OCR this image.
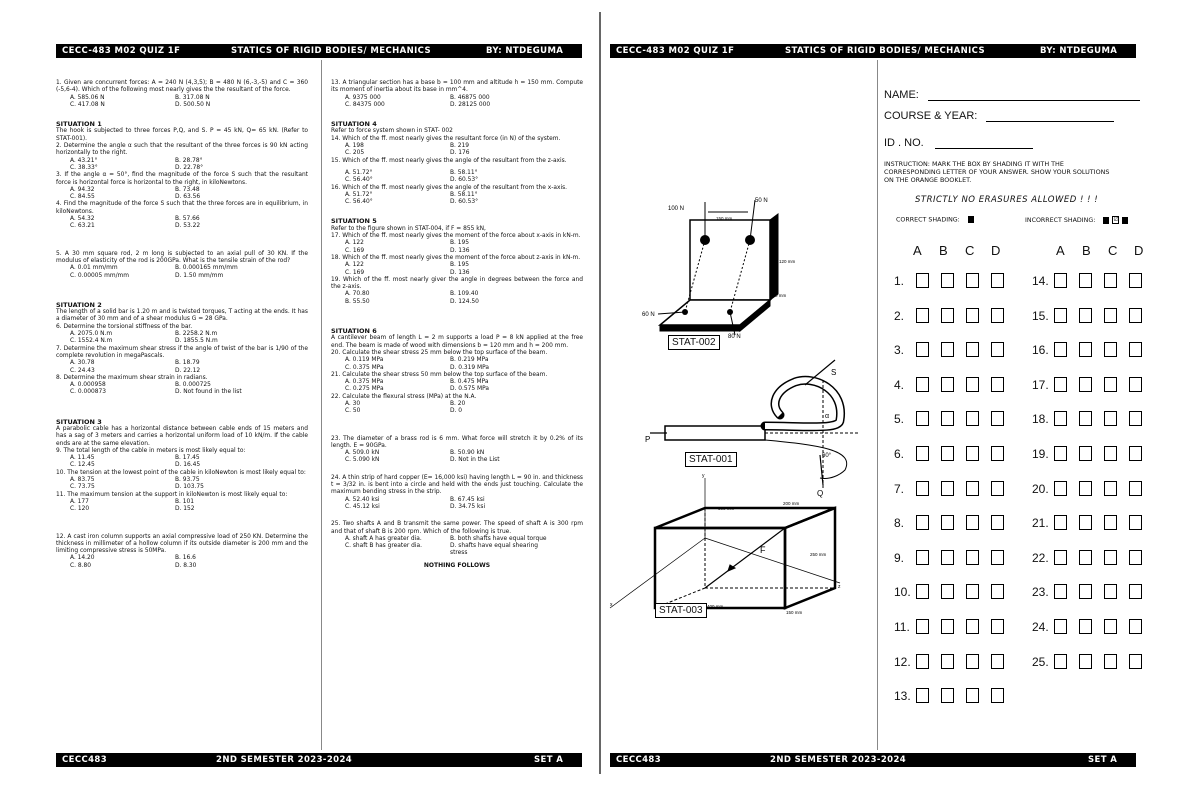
CECC-483 M02 QUIZ 1F	STATICS OF RIGID BODIES/ MECHANICS	BY: NTDEGUMA
CECC483	2ND SEMESTER 2023-2024	SET A
1. Given are concurrent forces: A = 240 N (4,3,5); B = 480 N (6,-3,-5) and C = 360 (-5,6-4). Which of the following most nearly gives the the resultant of the force.
A. 585.06 N	B. 317.08 N
C. 417.08 N	D. 500.50 N
SITUATION 1
The hook is subjected to three forces P,Q, and S. P = 45 kN, Q= 65 kN. (Refer to STAT-001).
2. Determine the angle α such that the resultant of the three forces is 90 kN acting horizontally to the right.
A. 43.21°	B. 28.78°
C. 38.33°	D. 22.78°
3. If the angle α = 50°, find the magnitude of the force S such that the resultant force is horizontal force is horizontal to the right, in kiloNewtons.
A. 94.32	B. 73.48
C. 84.55	D. 63.56
4. Find the magnitude of the force S such that the three forces are in equilibrium, in kiloNewtons.
A. 54.32	B. 57.66
C. 63.21	D. 53.22
5. A 30 mm square rod, 2 m long is subjected to an axial pull of 30 KN. If the modulus of elasticity of the rod is 200GPa. What is the tensile strain of the rod?
A. 0.01 mm/mm	B. 0.000165 mm/mm
C. 0.00005 mm/mm	D. 1.50 mm/mm
SITUATION 2
The length of a solid bar is 1.20 m and is twisted torques, T acting at the ends. It has a diameter of 30 mm and of a shear modulus G = 28 GPa.
6. Determine the torsional stiffness of the bar.
A. 2075.0 N.m	B. 2258.2 N.m
C. 1552.4 N.m	D. 1855.5 N.m
7. Determine the maximum shear stress if the angle of twist of the bar is 1/90 of the complete revolution in megaPascals.
A. 30.78	B. 18.79
C. 24.43	D. 22.12
8. Determine the maximum shear strain in radians.
A. 0.000958	B. 0.000725
C. 0.000873	D. Not found in the list
SITUATION 3
A parabolic cable has a horizontal distance between cable ends of 15 meters and has a sag of 3 meters and carries a horizontal uniform load of 10 kN/m. If the cable ends are at the same elevation.
9. The total length of the cable in meters is most likely equal to:
A. 11.45	B. 17.45
C. 12.45	D. 16.45
10. The tension at the lowest point of the cable in kiloNewton is most likely equal to:
A. 83.75	B. 93.75
C. 73.75	D. 103.75
11. The maximum tension at the support in kiloNewton is most likely equal to:
A. 177	B. 101
C. 120	D. 152
12. A cast iron column supports an axial compressive load of 250 KN. Determine the thickness in millimeter of a hollow column if its outside diameter is 200 mm and the limiting compressive stress is 50MPa.
A. 14.20	B. 16.6
C. 8.80	D. 8.30
13. A triangular section has a base b = 100 mm and altitude h = 150 mm. Compute its moment of inertia about its base in mm^4.
A. 9375 000	B. 46875 000
C. 84375 000	D. 28125 000
SITUATION 4
Refer to force system shown in STAT- 002
14. Which of the ff. most nearly gives the resultant force (in N) of the system.
A. 198	B. 219
C. 205	D. 176
15. Which of the ff. most nearly gives the angle of the resultant from the z-axis.
A. 51.72°	B. 58.11°
C. 56.40°	D. 60.53°
16. Which of the ff. most nearly gives the angle of the resultant from the x-axis.
A. 51.72°	B. 58.11°
C. 56.40°	D. 60.53°
SITUATION 5
Refer to the figure shown in STAT-004, if F = 855 kN,
17. Which of the ff. most nearly gives the moment of the force about x-axis in kN-m.
A. 122	B. 195
C. 169	D. 136
18. Which of the ff. most nearly gives the moment of the force about z-axis in kN-m.
A. 122	B. 195
C. 169	D. 136
19. Which of the ff. most nearly giver the angle in degrees between the force and the z-axis.
A. 70.80	B. 109.40
B. 55.50	D. 124.50
SITUATION 6
A cantilever beam of length L = 2 m supports a load P = 8 kN applied at the free end. The beam is made of wood with dimensions b = 120 mm and h = 200 mm.
20. Calculate the shear stress 25 mm below the top surface of the beam.
A. 0.119 MPa	B. 0.219 MPa
C. 0.375 MPa	D. 0.319 MPa
21. Calculate the shear stress 50 mm below the top surface of the beam.
A. 0.375 MPa	B. 0.475 MPa
C. 0.275 MPa	D. 0.575 MPa
22. Calculate the flexural stress (MPa) at the N.A.
A. 30	B. 20
C. 50	D. 0
23. The diameter of a brass rod is 6 mm. What force will stretch it by 0.2% of its length. E = 90GPa.
A. 509.0 kN	B. 50.90 kN
C. 5.090 kN	D. Not in the List
24. A thin strip of hard copper (E= 16,000 ksi) having length L = 90 in. and thickness t = 3/32 in. is bent into a circle and held with the ends just touching. Calculate the maximum bending stress in the strip.
A. 52.40 ksi	B. 67.45 ksi
C. 45.12 ksi	D. 34.75 ksi
25. Two shafts A and B transmit the same power. The speed of shaft A is 300 rpm and that of shaft B is 200 rpm. Which of the following is true.
A. shaft A has greater dia.	B. both shafts have equal torque
C. shaft B has greater dia.	D. shafts have equal shearing stress
NOTHING FOLLOWS
CECC-483 M02 QUIZ 1F	STATICS OF RIGID BODIES/ MECHANICS	BY: NTDEGUMA
CECC483	2ND SEMESTER 2023-2024	SET A
100 N
50 N
60 N
80 N
150 mm
120 mm
100 mm
STAT-002
P
S
Q
α
60°
STAT-001
y
z
x
F
300 mm
250 mm
400 mm
150 mm
200 mm
STAT-003
NAME:
COURSE & YEAR:
ID . NO.
INSTRUCTION: MARK THE BOX BY SHADING IT WITH THE CORRESPONDING LETTER OF YOUR ANSWER. SHOW YOUR SOLUTIONS ON THE ORANGE BOOKLET.
STRICTLY NO ERASURES ALLOWED ! ! !
CORRECT SHADING:	INCORRECT SHADING:	∅
A B C D	A B C D
1.
2.
3.
4.
5.
6.
7.
8.
9.
10.
11.
12.
13.
14.
15.
16.
17.
18.
19.
20.
21.
22.
23.
24.
25.
